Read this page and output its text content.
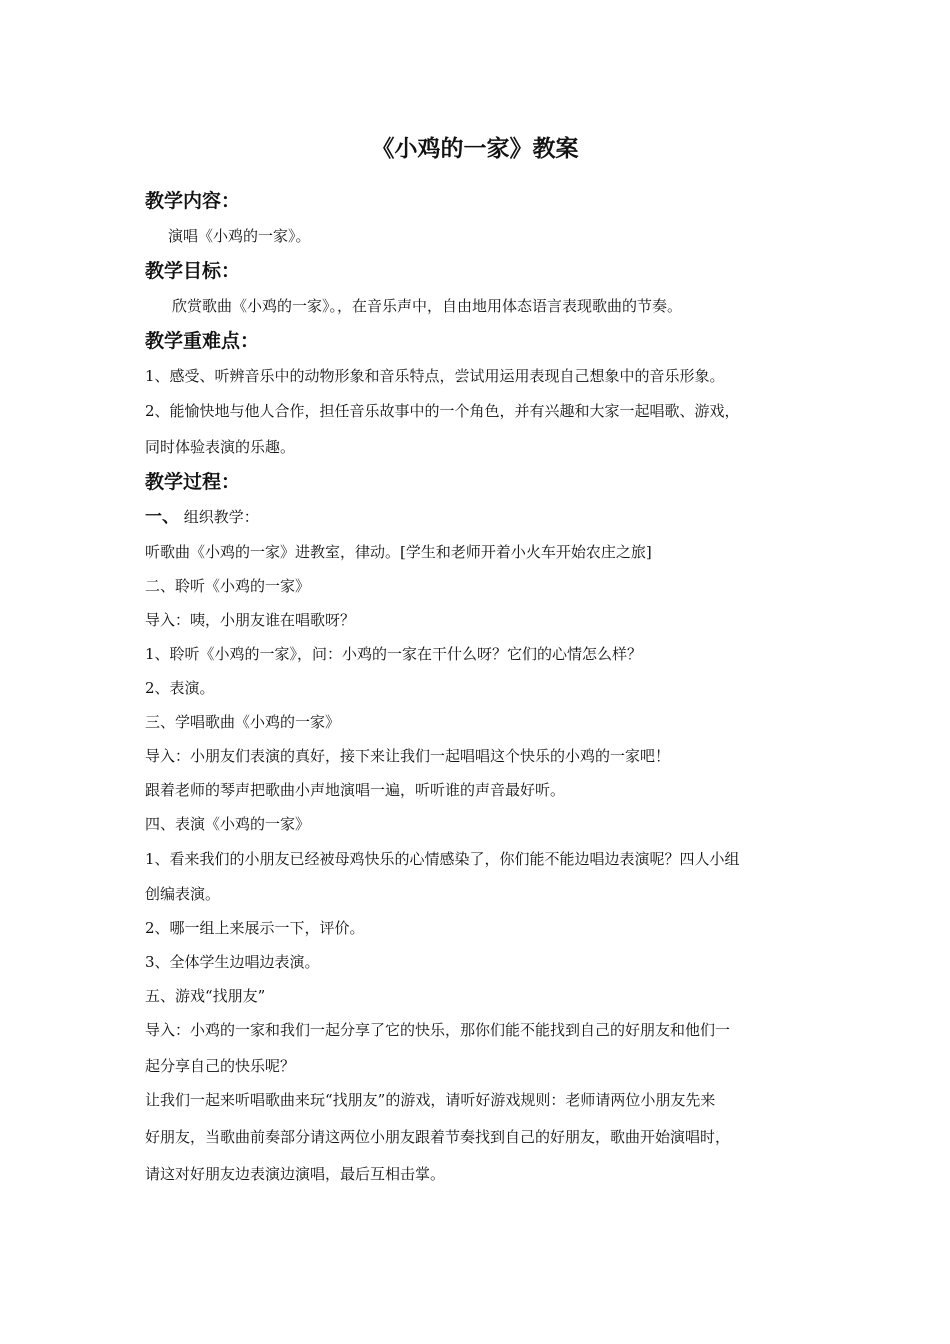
《小鸡的一家》教案
教学内容：
演唱《小鸡的一家》。
教学目标：
欣赏歌曲《小鸡的一家》。，在音乐声中，自由地用体态语言表现歌曲的节奏。
教学重难点：
1、感受、听辨音乐中的动物形象和音乐特点，尝试用运用表现自己想象中的音乐形象。
2、能愉快地与他人合作，担任音乐故事中的一个角色，并有兴趣和大家一起唱歌、游戏，
同时体验表演的乐趣。
教学过程：
一、 组织教学：
听歌曲《小鸡的一家》进教室，律动。[学生和老师开着小火车开始农庄之旅]
二、聆听《小鸡的一家》
导入：咦，小朋友谁在唱歌呀？
1、聆听《小鸡的一家》，问：小鸡的一家在干什么呀？它们的心情怎么样？
2、表演。
三、学唱歌曲《小鸡的一家》
导入：小朋友们表演的真好，接下来让我们一起唱唱这个快乐的小鸡的一家吧！
跟着老师的琴声把歌曲小声地演唱一遍，听听谁的声音最好听。
四、表演《小鸡的一家》
1、看来我们的小朋友已经被母鸡快乐的心情感染了，你们能不能边唱边表演呢？四人小组
创编表演。
2、哪一组上来展示一下，评价。
3、全体学生边唱边表演。
五、游戏“找朋友”
导入：小鸡的一家和我们一起分享了它的快乐，那你们能不能找到自己的好朋友和他们一
起分享自己的快乐呢？
让我们一起来听唱歌曲来玩“找朋友”的游戏，请听好游戏规则：老师请两位小朋友先来
好朋友，当歌曲前奏部分请这两位小朋友跟着节奏找到自己的好朋友，歌曲开始演唱时，
请这对好朋友边表演边演唱，最后互相击掌。
